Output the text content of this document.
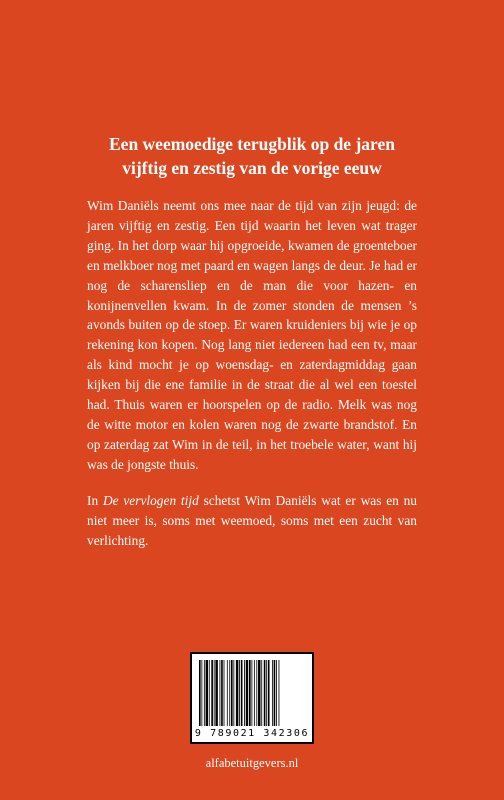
Een weemoedige terugblik op de jaren
vijftig en zestig van de vorige eeuw

Wim Daniëls neemt ons mee naar de tijd van zijn jeugd: de jaren vijftig en zestig. Een tijd waarin het leven wat trager ging. In het dorp waar hij opgroeide, kwamen de groenteboer en melkboer nog met paard en wagen langs de deur. Je had er nog de scharensliep en de man die voor hazen- en konijnenvellen kwam. In de zomer stonden de mensen ’s avonds buiten op de stoep. Er waren kruideniers bij wie je op rekening kon kopen. Nog lang niet iedereen had een tv, maar als kind mocht je op woensdag- en zaterdagmiddag gaan kijken bij die ene familie in de straat die al wel een toestel had. Thuis waren er hoorspelen op de radio. Melk was nog de witte motor en kolen waren nog de zwarte brandstof. En op zaterdag zat Wim in de teil, in het troebele water, want hij was de jongste thuis.

In De vervlogen tijd schetst Wim Daniëls wat er was en nu niet meer is, soms met weemoed, soms met een zucht van verlichting.

9 789021 342306
alfabetuitgevers.nl
